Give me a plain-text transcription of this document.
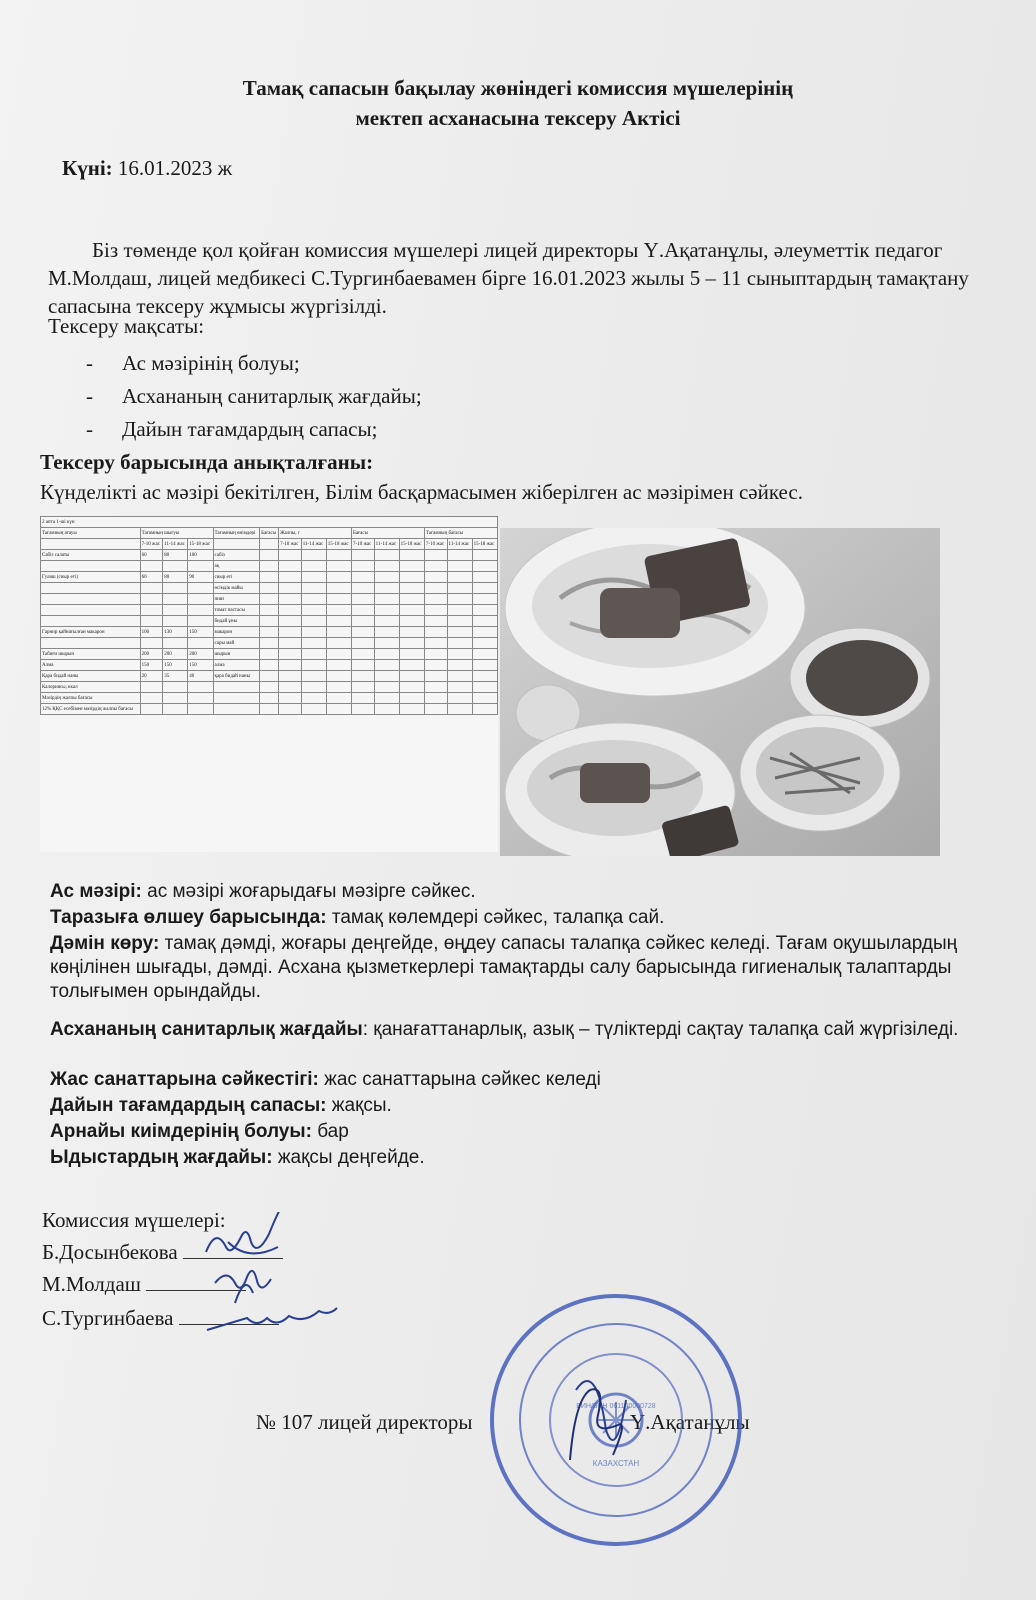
Тамақ сапасын бақылау жөніндегі комиссия мүшелерінің
мектеп асханасына тексеру Актісі
Күні: 16.01.2023 ж
Біз төменде қол қойған комиссия мүшелері лицей директоры Ү.Ақатанұлы, әлеуметтік педагог М.Молдаш, лицей медбикесі С.Тургинбаевамен бірге 16.01.2023 жылы 5 – 11 сыныптардың тамақтану сапасына тексеру жұмысы жүргізілді.
Тексеру мақсаты:
- Ас мәзірінің болуы;
- Асхананың санитарлық жағдайы;
- Дайын тағамдардың сапасы;
Тексеру барысында анықталғаны:
Күнделікті ас мәзірі бекітілген, Білім басқармасымен жіберілген ас мәзірімен сәйкес.
2 апта 1-ші күн														
Тағамның атауы	Тағамның шығуы			Тағамның өнімдері	Бағасы	Жалпы, г			Бағасы			Тағамның бағасы		
	7-10 жас	11-14 жас	15-18 жас			7-10 жас	11-14 жас	15-18 жас	7-10 жас	11-14 жас	15-18 жас	7-10 жас	11-14 жас	15-18 жас
Сабіз салаты	60	80	100	сабіз										
				ақ										
Гуляш (сиыр еті)	60	80	90	сиыр еті										
				өсімдік майы										
				пияз										
				томат пастасы										
				бидай ұны										
Гарнир қайнатылған макарон	100	130	150	макарон										
				сары май										
Табиғи шырын	200	200	200	шырын										
Алма	150	150	150	алма										
Қара бидай наны	20	35	40	қара бидай наны										
Калориясы, ккал														
Мәзірдің жалпы бағасы														
12% ҚҚС есебімен мәзірдің жалпы бағасы														
Ас мәзірі: ас мәзірі жоғарыдағы мәзірге сәйкес.
Таразыға өлшеу барысында: тамақ көлемдері сәйкес, талапқа сай.
Дәмін көру: тамақ дәмді, жоғары деңгейде, өңдеу сапасы талапқа сәйкес келеді. Тағам оқушылардың көңілінен шығады, дәмді. Асхана қызметкерлері тамақтарды салу барысында гигиеналық талаптарды толығымен орындайды.
Асхананың санитарлық жағдайы: қанағаттанарлық, азық – түліктерді сақтау талапқа сай жүргізіледі.
Жас санаттарына сәйкестігі: жас санаттарына сәйкес келеді
Дайын тағамдардың сапасы: жақсы.
Арнайы киімдерінің болуы: бар
Ыдыстардың жағдайы: жақсы деңгейде.
Комиссия мүшелері:
Б.Досынбекова
М.Молдаш
С.Тургинбаева
№ 107 лицей директоры	Ү.Ақатанұлы
БИН/БСН 061140000728
КАЗАХСТАН
